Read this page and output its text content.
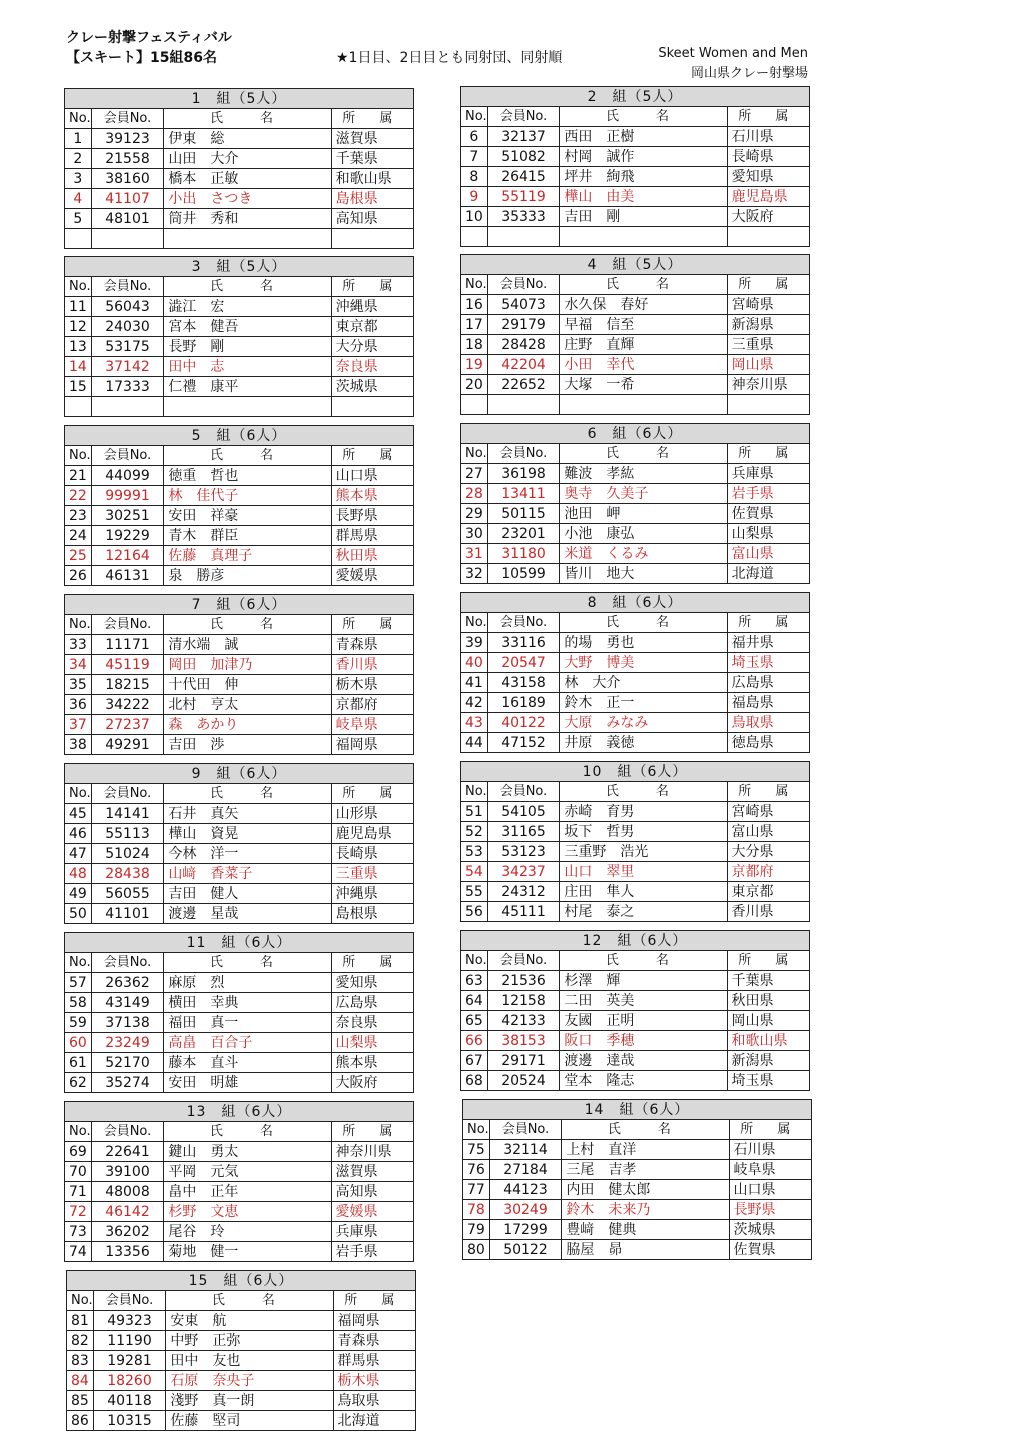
クレー射撃フェスティバル
【スキート】15組86名	★1日目、2日目とも同射団、同射順	Skeet Women and Men
岡山県クレー射撃場
1　組（5人）			
No.	会員No.	氏　名	所 属
1	39123	伊東　総	滋賀県
2	21558	山田　大介	千葉県
3	38160	橋本　正敏	和歌山県
4	41107	小出　さつき	島根県
5	48101	筒井　秀和	高知県

2　組（5人）			
No.	会員No.	氏　名	所 属
6	32137	西田　正樹	石川県
7	51082	村岡　誠作	長崎県
8	26415	坪井　絢飛	愛知県
9	55119	樺山　由美	鹿児島県
10	35333	吉田　剛	大阪府

3　組（5人）			
No.	会員No.	氏　名	所 属
11	56043	澁江　宏	沖縄県
12	24030	宮本　健吾	東京都
13	53175	長野　剛	大分県
14	37142	田中　志	奈良県
15	17333	仁禮　康平	茨城県

4　組（5人）			
No.	会員No.	氏　名	所 属
16	54073	水久保　春好	宮崎県
17	29179	早福　信至	新潟県
18	28428	庄野　直輝	三重県
19	42204	小田　幸代	岡山県
20	22652	大塚　一希	神奈川県

5　組（6人）			
No.	会員No.	氏　名	所 属
21	44099	徳重　哲也	山口県
22	99991	林　佳代子	熊本県
23	30251	安田　祥豪	長野県
24	19229	青木　群臣	群馬県
25	12164	佐藤　真理子	秋田県
26	46131	泉　勝彦	愛媛県
6　組（6人）			
No.	会員No.	氏　名	所 属
27	36198	難波　孝紘	兵庫県
28	13411	奥寺　久美子	岩手県
29	50115	池田　岬	佐賀県
30	23201	小池　康弘	山梨県
31	31180	米道　くるみ	富山県
32	10599	皆川　地大	北海道
7　組（6人）			
No.	会員No.	氏　名	所 属
33	11171	清水端　誠	青森県
34	45119	岡田　加津乃	香川県
35	18215	十代田　伸	栃木県
36	34222	北村　亨太	京都府
37	27237	森　あかり	岐阜県
38	49291	吉田　渉	福岡県
8　組（6人）			
No.	会員No.	氏　名	所 属
39	33116	的場　勇也	福井県
40	20547	大野　博美	埼玉県
41	43158	林　大介	広島県
42	16189	鈴木　正一	福島県
43	40122	大原　みなみ	鳥取県
44	47152	井原　義徳	徳島県
9　組（6人）			
No.	会員No.	氏　名	所 属
45	14141	石井　真矢	山形県
46	55113	樺山　資晃	鹿児島県
47	51024	今林　洋一	長崎県
48	28438	山﨑　香菜子	三重県
49	56055	吉田　健人	沖縄県
50	41101	渡邊　星哉	島根県
10　組（6人）			
No.	会員No.	氏　名	所 属
51	54105	赤崎　育男	宮崎県
52	31165	坂下　哲男	富山県
53	53123	三重野　浩光	大分県
54	34237	山口　翠里	京都府
55	24312	庄田　隼人	東京都
56	45111	村尾　泰之	香川県
11　組（6人）			
No.	会員No.	氏　名	所 属
57	26362	麻原　烈	愛知県
58	43149	横田　幸典	広島県
59	37138	福田　真一	奈良県
60	23249	高畠　百合子	山梨県
61	52170	藤本　直斗	熊本県
62	35274	安田　明雄	大阪府
12　組（6人）			
No.	会員No.	氏　名	所 属
63	21536	杉澤　輝	千葉県
64	12158	二田　英美	秋田県
65	42133	友國　正明	岡山県
66	38153	阪口　季穂	和歌山県
67	29171	渡邊　達哉	新潟県
68	20524	堂本　隆志	埼玉県
13　組（6人）			
No.	会員No.	氏　名	所 属
69	22641	鍵山　勇太	神奈川県
70	39100	平岡　元気	滋賀県
71	48008	畠中　正年	高知県
72	46142	杉野　文恵	愛媛県
73	36202	尾谷　玲	兵庫県
74	13356	菊地　健一	岩手県
14　組（6人）			
No.	会員No.	氏　名	所 属
75	32114	上村　直洋	石川県
76	27184	三尾　吉孝	岐阜県
77	44123	内田　健太郎	山口県
78	30249	鈴木　未来乃	長野県
79	17299	豊﨑　健典	茨城県
80	50122	脇屋　昴	佐賀県
15　組（6人）			
No.	会員No.	氏　名	所 属
81	49323	安東　航	福岡県
82	11190	中野　正弥	青森県
83	19281	田中　友也	群馬県
84	18260	石原　奈央子	栃木県
85	40118	淺野　真一朗	鳥取県
86	10315	佐藤　堅司	北海道
